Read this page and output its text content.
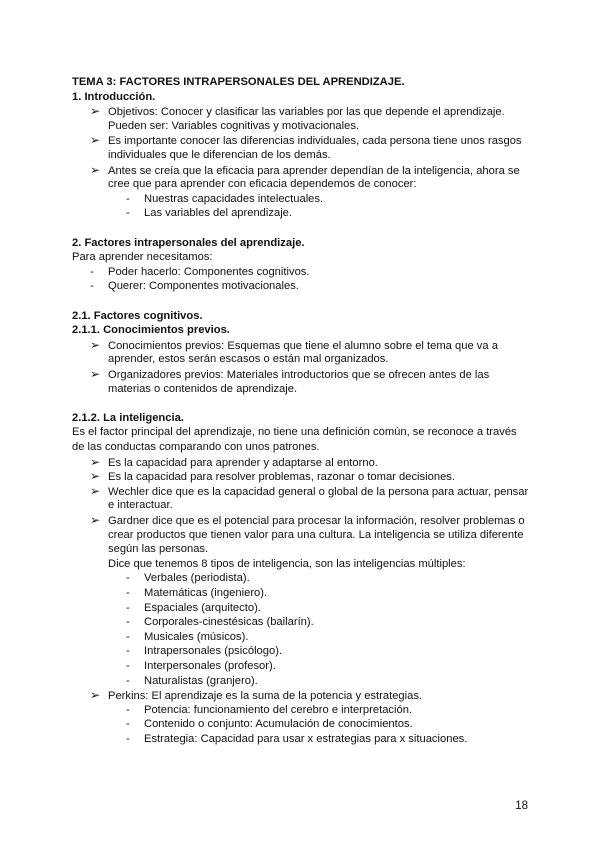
TEMA 3: FACTORES INTRAPERSONALES DEL APRENDIZAJE.
1. Introducción.
➢ Objetivos: Conocer y clasificar las variables por las que depende el aprendizaje.
Pueden ser: Variables cognitivas y motivacionales.
➢ Es importante conocer las diferencias individuales, cada persona tiene unos rasgos
individuales que le diferencian de los demás.
➢ Antes se creía que la eficacia para aprender dependían de la inteligencia, ahora se
cree que para aprender con eficacia dependemos de conocer:
- Nuestras capacidades intelectuales.
- Las variables del aprendizaje.
2. Factores intrapersonales del aprendizaje.
Para aprender necesitamos:
- Poder hacerlo: Componentes cognitivos.
- Querer: Componentes motivacionales.
2.1. Factores cognitivos.
2.1.1. Conocimientos previos.
➢ Conocimientos previos: Esquemas que tiene el alumno sobre el tema que va a
aprender, estos serán escasos o están mal organizados.
➢ Organizadores previos: Materiales introductorios que se ofrecen antes de las
materias o contenidos de aprendizaje.
2.1.2. La inteligencia.
Es el factor principal del aprendizaje, no tiene una definición común, se reconoce a través
de las conductas comparando con unos patrones.
➢ Es la capacidad para aprender y adaptarse al entorno.
➢ Es la capacidad para resolver problemas, razonar o tomar decisiones.
➢ Wechler dice que es la capacidad general o global de la persona para actuar, pensar
e interactuar.
➢ Gardner dice que es el potencial para procesar la información, resolver problemas o
crear productos que tienen valor para una cultura. La inteligencia se utiliza diferente
según las personas.
Dice que tenemos 8 tipos de inteligencia, son las inteligencias múltiples:
- Verbales (periodista).
- Matemáticas (ingeniero).
- Espaciales (arquitecto).
- Corporales-cinestésicas (bailarín).
- Musicales (músicos).
- Intrapersonales (psicólogo).
- Interpersonales (profesor).
- Naturalistas (granjero).
➢ Perkins: El aprendizaje es la suma de la potencia y estrategias.
- Potencia: funcionamiento del cerebro e interpretación.
- Contenido o conjunto: Acumulación de conocimientos.
- Estrategia: Capacidad para usar x estrategias para x situaciones.
18
